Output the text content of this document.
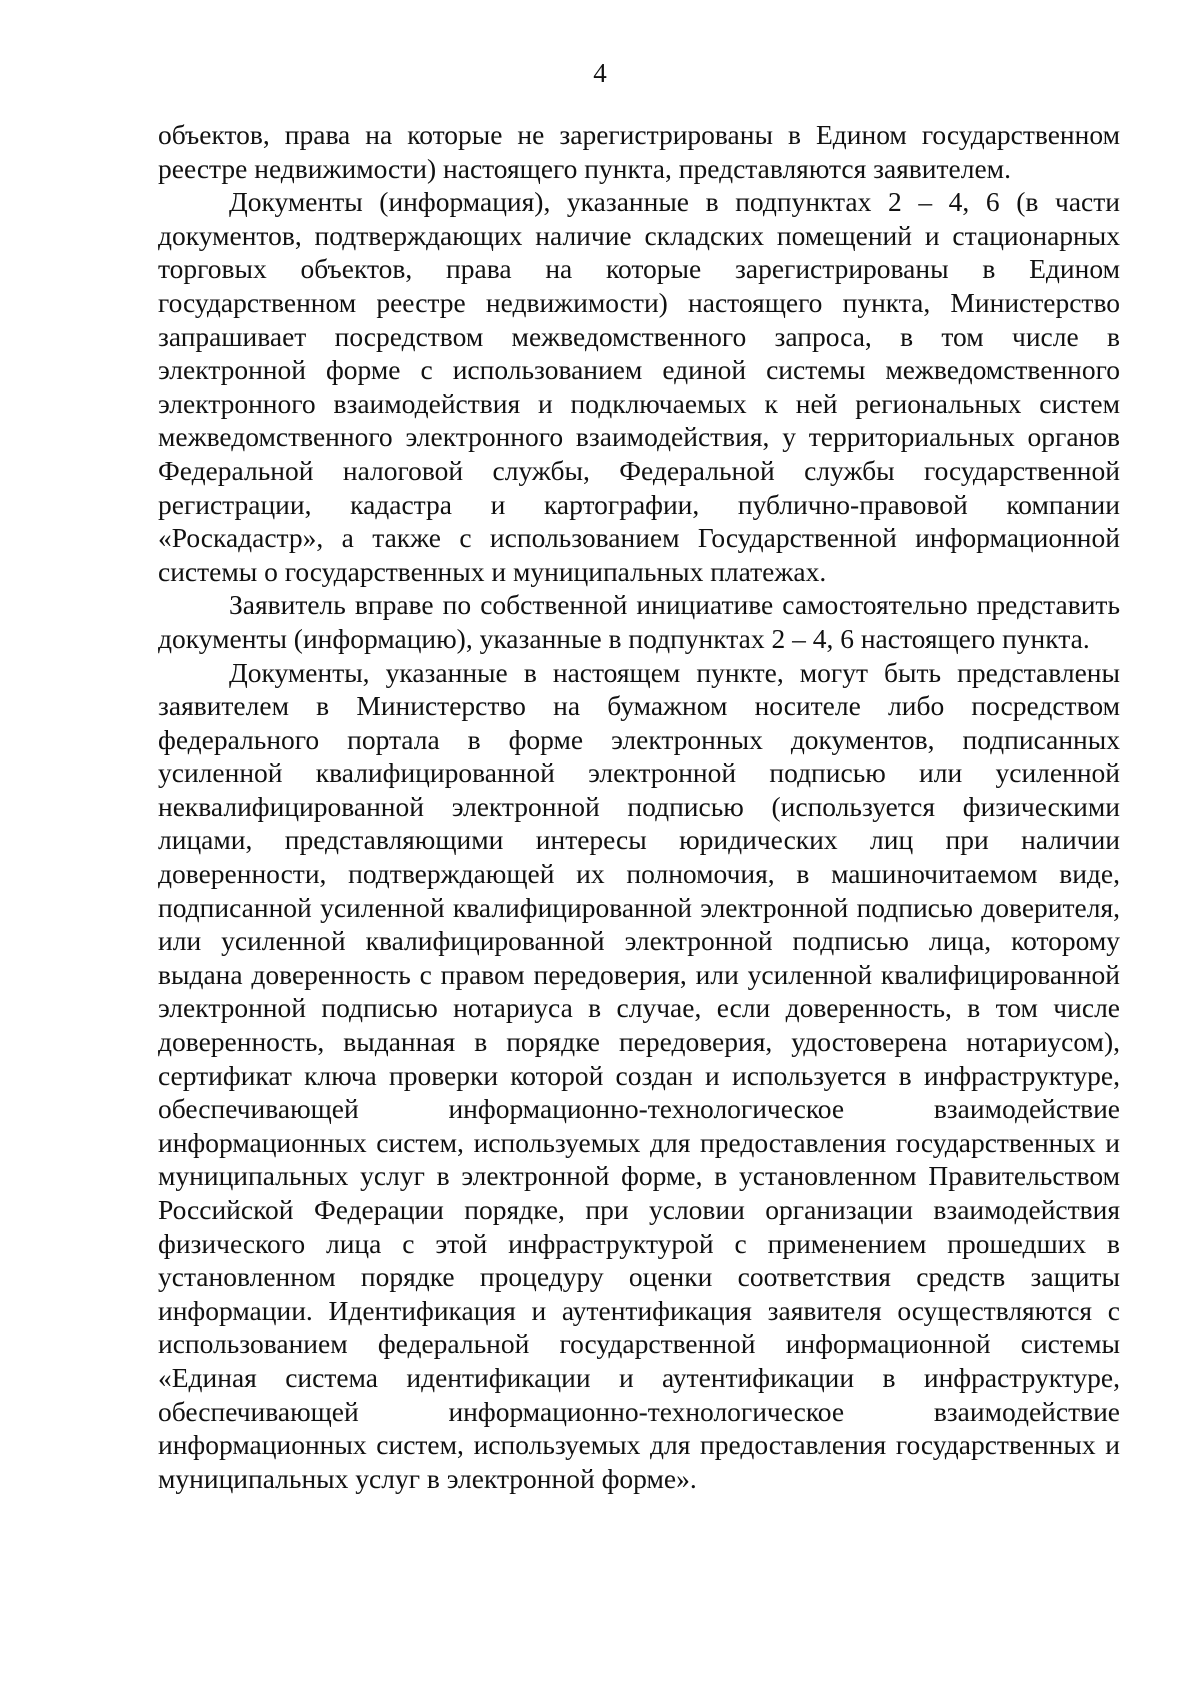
4

объектов, права на которые не зарегистрированы в Едином государственном реестре недвижимости) настоящего пункта, представляются заявителем.

Документы (информация), указанные в подпунктах 2 – 4, 6 (в части документов, подтверждающих наличие складских помещений и стационарных торговых объектов, права на которые зарегистрированы в Едином государственном реестре недвижимости) настоящего пункта, Министерство запрашивает посредством межведомственного запроса, в том числе в электронной форме с использованием единой системы межведомственного электронного взаимодействия и подключаемых к ней региональных систем межведомственного электронного взаимодействия, у территориальных органов Федеральной налоговой службы, Федеральной службы государственной регистрации, кадастра и картографии, публично-правовой компании «Роскадастр», а также с использованием Государственной информационной системы о государственных и муниципальных платежах.

Заявитель вправе по собственной инициативе самостоятельно представить документы (информацию), указанные в подпунктах 2 – 4, 6 настоящего пункта.

Документы, указанные в настоящем пункте, могут быть представлены заявителем в Министерство на бумажном носителе либо посредством федерального портала в форме электронных документов, подписанных усиленной квалифицированной электронной подписью или усиленной неквалифицированной электронной подписью (используется физическими лицами, представляющими интересы юридических лиц при наличии доверенности, подтверждающей их полномочия, в машиночитаемом виде, подписанной усиленной квалифицированной электронной подписью доверителя, или усиленной квалифицированной электронной подписью лица, которому выдана доверенность с правом передоверия, или усиленной квалифицированной электронной подписью нотариуса в случае, если доверенность, в том числе доверенность, выданная в порядке передоверия, удостоверена нотариусом), сертификат ключа проверки которой создан и используется в инфраструктуре, обеспечивающей информационно-технологическое взаимодействие информационных систем, используемых для предоставления государственных и муниципальных услуг в электронной форме, в установленном Правительством Российской Федерации порядке, при условии организации взаимодействия физического лица с этой инфраструктурой с применением прошедших в установленном порядке процедуру оценки соответствия средств защиты информации. Идентификация и аутентификация заявителя осуществляются с использованием федеральной государственной информационной системы «Единая система идентификации и аутентификации в инфраструктуре, обеспечивающей информационно-технологическое взаимодействие информационных систем, используемых для предоставления государственных и муниципальных услуг в электронной форме».
